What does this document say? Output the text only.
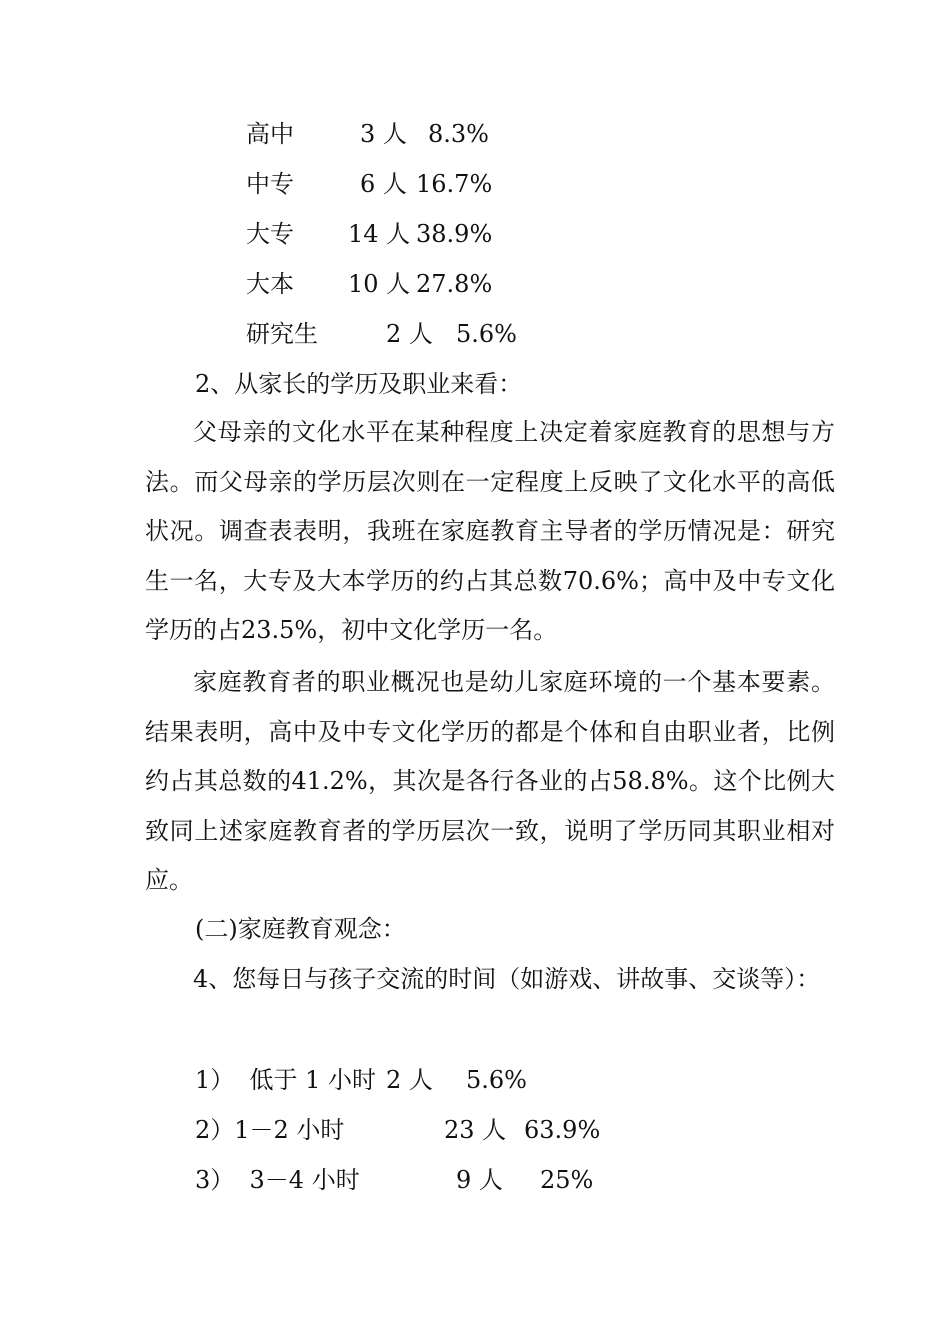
高中	3 人 8.3%
中专	6 人 16.7%
大专 14 人 38.9%
大本 10 人 27.8%
研究生	2 人 5.6%
2、从家长的学历及职业来看：

父母亲的文化水平在某种程度上决定着家庭教育的思想与方法。而父母亲的学历层次则在一定程度上反映了文化水平的高低状况。调查表表明，我班在家庭教育主导者的学历情况是：研究生一名，大专及大本学历的约占其总数70.6%；高中及中专文化学历的占23.5%，初中文化学历一名。

家庭教育者的职业概况也是幼儿家庭环境的一个基本要素。结果表明，高中及中专文化学历的都是个体和自由职业者，比例约占其总数的41.2%，其次是各行各业的占58.8%。这个比例大致同上述家庭教育者的学历层次一致，说明了学历同其职业相对应。

(二)家庭教育观念：

4、您每日与孩子交流的时间（如游戏、讲故事、交谈等）：

1）  低于 1 小时 2 人 5.6%
2）1－2 小时	23 人 63.9%
3）  3－4 小时	9 人 25%
